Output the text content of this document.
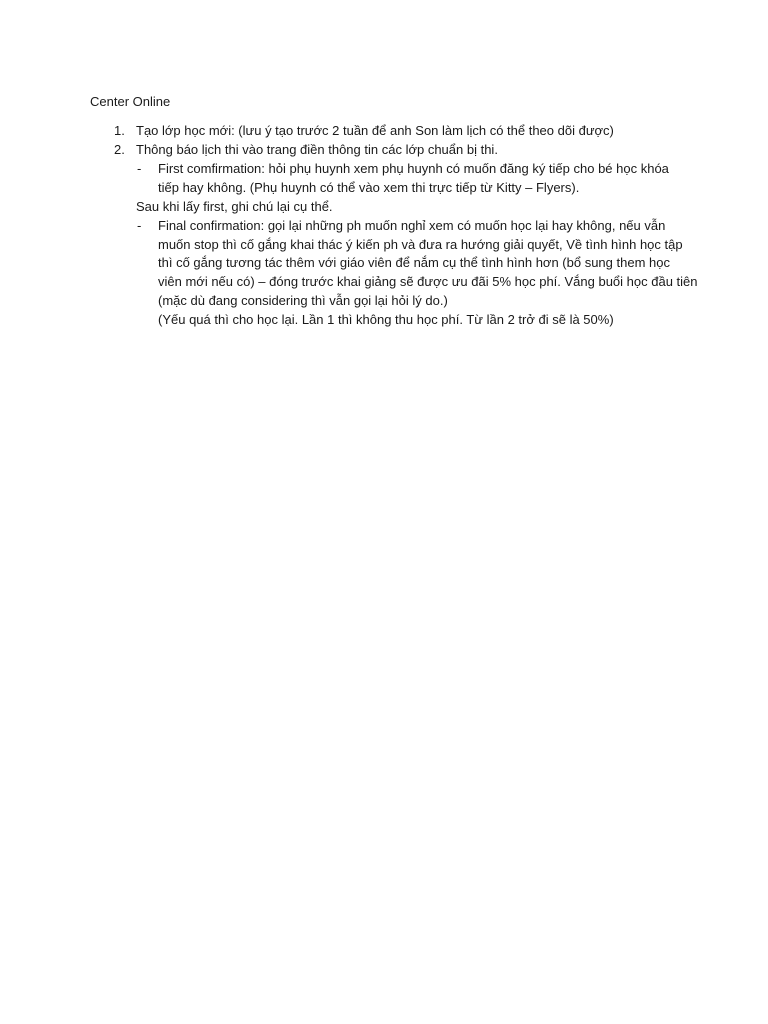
Center Online
1. Tạo lớp học mới: (lưu ý tạo trước 2 tuần để anh Son làm lịch có thể theo dõi được)
2. Thông báo lịch thi vào trang điền thông tin các lớp chuẩn bị thi.
- First comfirmation: hỏi phụ huynh xem phụ huynh có muốn đăng ký tiếp cho bé học khóa
tiếp hay không. (Phụ huynh có thể vào xem thi trực tiếp từ Kitty – Flyers).
Sau khi lấy first, ghi chú lại cụ thể.
- Final confirmation: gọi lại những ph muốn nghỉ xem có muốn học lại hay không, nếu vẫn
muốn stop thì cố gắng khai thác ý kiến ph và đưa ra hướng giải quyết, Về tình hình học tập
thì cố gắng tương tác thêm với giáo viên để nắm cụ thể tình hình hơn (bổ sung them học
viên mới nếu có) – đóng trước khai giảng sẽ được ưu đãi 5% học phí. Vắng buổi học đầu tiên
(mặc dù đang considering thì vẫn gọi lại hỏi lý do.)
(Yếu quá thì cho học lại. Lần 1 thì không thu học phí. Từ lần 2 trở đi sẽ là 50%)
